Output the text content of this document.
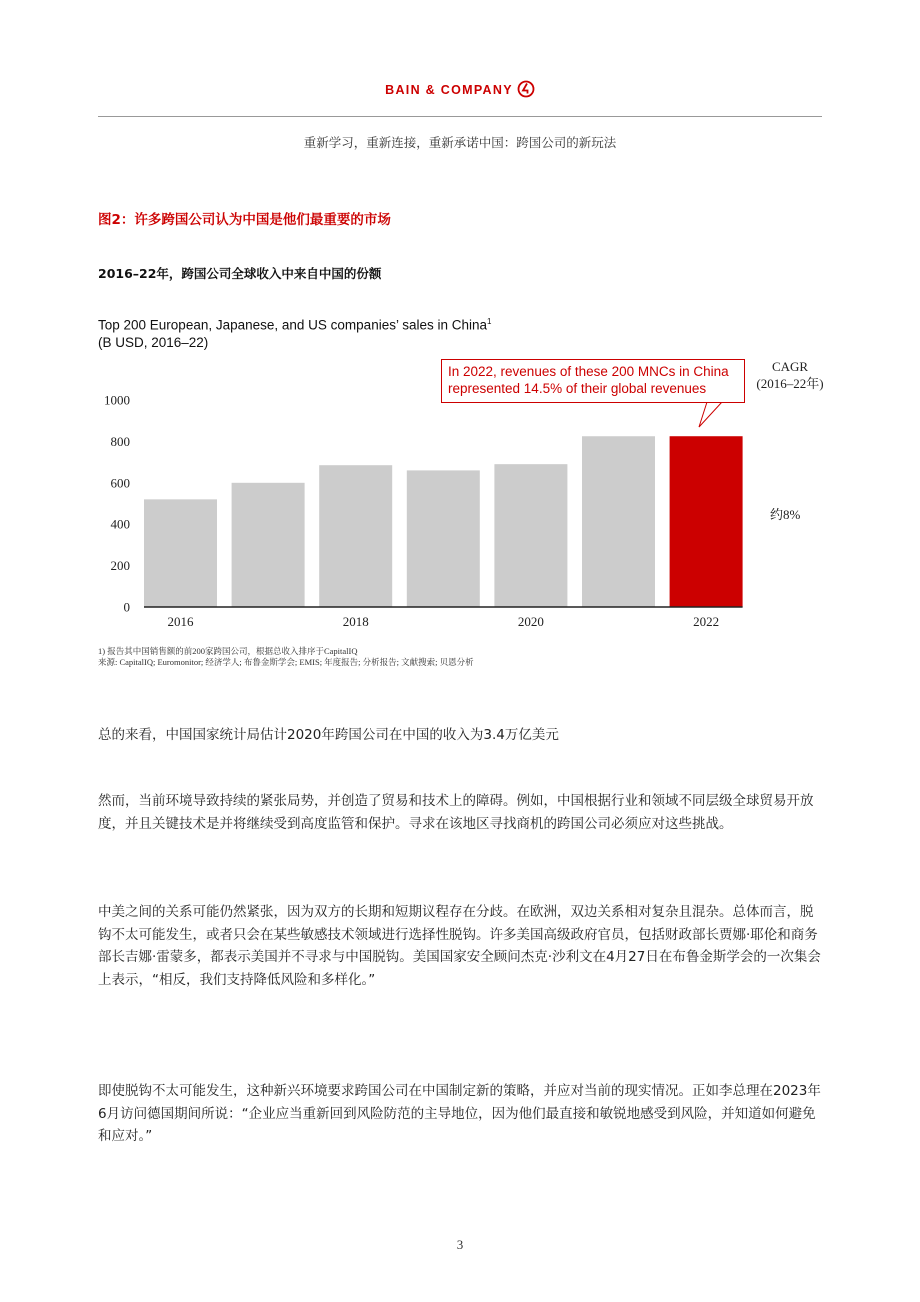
BAIN & COMPANY
重新学习，重新连接，重新承诺中国：跨国公司的新玩法
图2：许多跨国公司认为中国是他们最重要的市场
2016–22年，跨国公司全球收入中来自中国的份额
Top 200 European, Japanese, and US companies’ sales in China$^1$
(B USD, 2016–22)
0
200
400
600
800
1000
2016	2018	2020	2022
In 2022, revenues of these 200 MNCs in China
represented 14.5% of their global revenues
CAGR
(2016–22年)
约8%
1) 报告其中国销售额的前200家跨国公司，根据总收入排序于CapitalIQ
来源: CapitalIQ; Euromonitor; 经济学人; 布鲁金斯学会; EMIS; 年度报告; 分析报告; 文献搜索; 贝恩分析
总的来看，中国国家统计局估计2020年跨国公司在中国的收入为3.4万亿美元
然而，当前环境导致持续的紧张局势，并创造了贸易和技术上的障碍。例如，中国根据行业和领域不同层级全球贸易开放度，并且关键技术是并将继续受到高度监管和保护。寻求在该地区寻找商机的跨国公司必须应对这些挑战。
中美之间的关系可能仍然紧张，因为双方的长期和短期议程存在分歧。在欧洲，双边关系相对复杂且混杂。总体而言，脱钩不太可能发生，或者只会在某些敏感技术领域进行选择性脱钩。许多美国高级政府官员，包括财政部长贾娜·耶伦和商务部长吉娜·雷蒙多，都表示美国并不寻求与中国脱钩。美国国家安全顾问杰克·沙利文在4月27日在布鲁金斯学会的一次集会上表示，“相反，我们支持降低风险和多样化。”
即使脱钩不太可能发生，这种新兴环境要求跨国公司在中国制定新的策略，并应对当前的现实情况。正如李总理在2023年6月访问德国期间所说：“企业应当重新回到风险防范的主导地位，因为他们最直接和敏锐地感受到风险，并知道如何避免和应对。”
3
